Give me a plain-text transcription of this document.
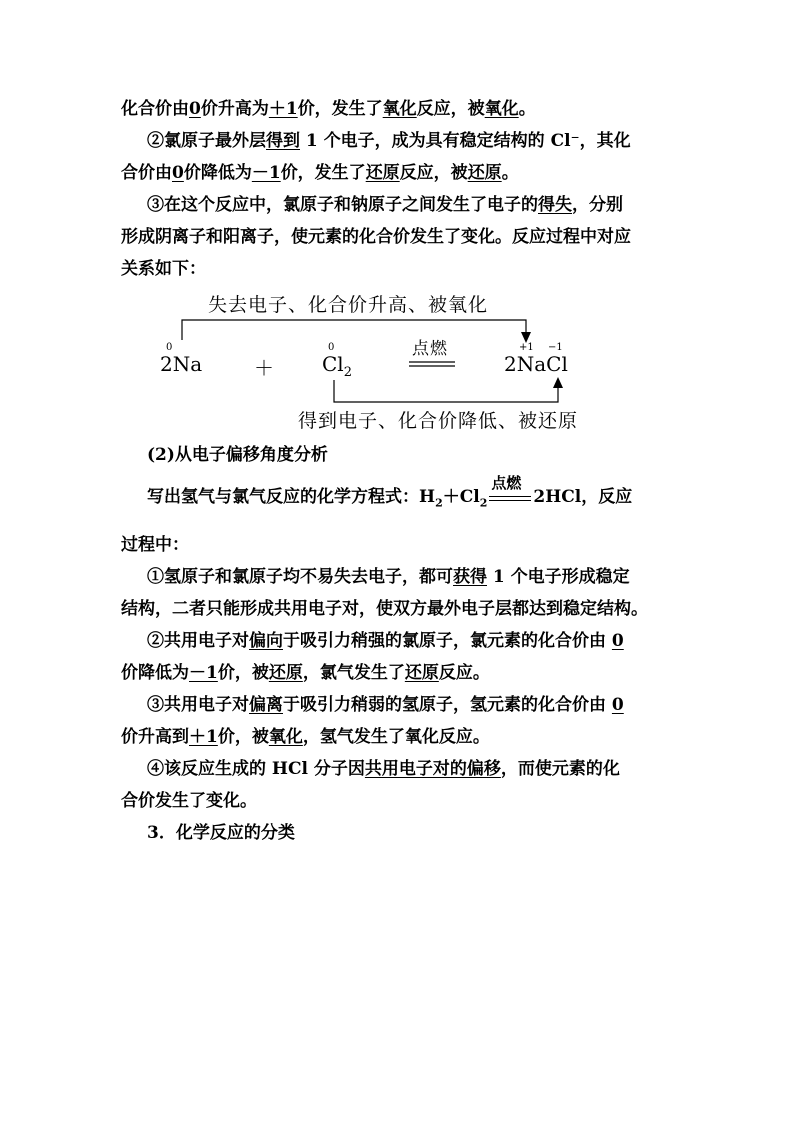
化合价由0价升高为＋1价，发生了氧化反应，被氧化。
②氯原子最外层得到 1 个电子，成为具有稳定结构的 Cl⁻，其化
合价由0价降低为－1价，发生了还原反应，被还原。
③在这个反应中，氯原子和钠原子之间发生了电子的得失，分别
形成阴离子和阳离子，使元素的化合价发生了变化。反应过程中对应
关系如下：
失去电子、化合价升高、被氧化
0
2Na	＋
0
$Cl_2$
点燃	+1 −1
2NaCl
得到电子、化合价降低、被还原
(2)从电子偏移角度分析
写出氢气与氯气反应的化学方程式：$H_2+Cl_2$
点燃
2HCl，反应
过程中：
①氢原子和氯原子均不易失去电子，都可获得 1 个电子形成稳定
结构，二者只能形成共用电子对，使双方最外电子层都达到稳定结构。
②共用电子对偏向于吸引力稍强的氯原子，氯元素的化合价由 0
价降低为－1价，被还原，氯气发生了还原反应。
③共用电子对偏离于吸引力稍弱的氢原子，氢元素的化合价由 0
价升高到＋1价，被氧化，氢气发生了氧化反应。
④该反应生成的 HCl 分子因共用电子对的偏移，而使元素的化
合价发生了变化。
3．化学反应的分类
